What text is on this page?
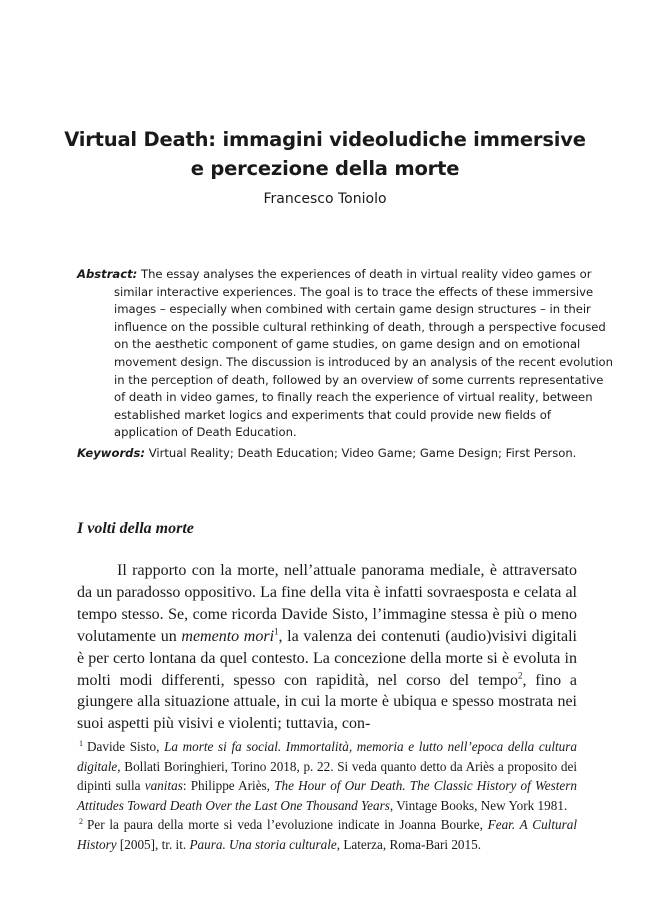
Virtual Death: immagini videoludiche immersive
e percezione della morte

Francesco Toniolo

Abstract: The essay analyses the experiences of death in virtual reality video games or similar interactive experiences. The goal is to trace the effects of these immersive images – especially when combined with certain game design structures – in their influence on the possible cultural rethinking of death, through a perspective focused on the aesthetic component of game studies, on game design and on emotional movement design. The discussion is introduced by an analysis of the recent evolution in the perception of death, followed by an overview of some currents representative of death in video games, to finally reach the experience of virtual reality, between established market logics and experiments that could provide new fields of application of Death Education.

Keywords: Virtual Reality; Death Education; Video Game; Game Design; First Person.

I volti della morte

Il rapporto con la morte, nell’attuale panorama mediale, è attraversato da un paradosso oppositivo. La fine della vita è infatti sovraesposta e celata al tempo stesso. Se, come ricorda Davide Sisto, l’immagine stessa è più o meno volutamente un memento mori$^1$, la valenza dei contenuti (audio)visivi digitali è per certo lontana da quel contesto. La concezione della morte si è evoluta in molti modi differenti, spesso con rapidità, nel corso del tempo$^2$, fino a giungere alla situazione attuale, in cui la morte è ubiqua e spesso mostrata nei suoi aspetti più visivi e violenti; tuttavia, con-

$^1$ Davide Sisto, La morte si fa social. Immortalità, memoria e lutto nell’epoca della cultura digitale, Bollati Boringhieri, Torino 2018, p. 22. Si veda quanto detto da Ariès a proposito dei dipinti sulla vanitas: Philippe Ariès, The Hour of Our Death. The Classic History of Western Attitudes Toward Death Over the Last One Thousand Years, Vintage Books, New York 1981.

$^2$ Per la paura della morte si veda l’evoluzione indicate in Joanna Bourke, Fear. A Cultural History [2005], tr. it. Paura. Una storia culturale, Laterza, Roma-Bari 2015.
